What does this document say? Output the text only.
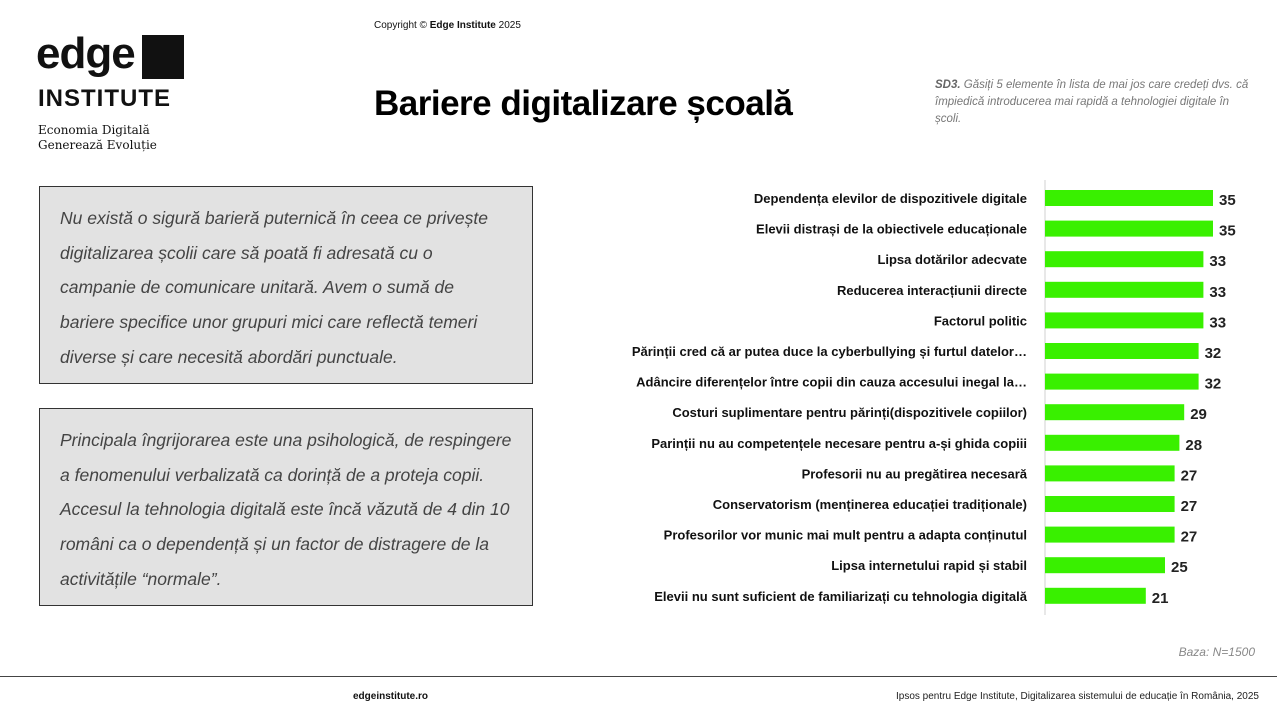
Copyright © Edge Institute 2025
edge
INSTITUTE
Economia Digitală
Generează Evoluție
Bariere digitalizare școală	SD3. Găsiți 5 elemente în lista de mai jos care credeți dvs. că împiedică introducerea mai rapidă a tehnologiei digitale în școli.
Nu există o sigură barieră puternică în ceea ce privește digitalizarea școlii care să poată fi adresată cu o campanie de comunicare unitară. Avem o sumă de bariere specifice unor grupuri mici care reflectă temeri diverse și care necesită abordări punctuale.
Principala îngrijorarea este una psihologică, de respingere a fenomenului verbalizată ca dorință de a proteja copii. Accesul la tehnologia digitală este încă văzută de 4 din 10 români ca o dependență și un factor de distragere de la activitățile “normale”.
Dependența elevilor de dispozitivele digitale	35
Elevii distrași de la obiectivele educaționale	35
Lipsa dotărilor adecvate	33
Reducerea interacțiunii directe	33
Factorul politic	33
Părinții cred că ar putea duce la cyberbullying și furtul datelor…	32
Adâncire diferențelor între copii din cauza accesului inegal la…	32
Costuri suplimentare pentru părinți(dispozitivele copiilor)	29
Parinții nu au competențele necesare pentru a-și ghida copiii	28
Profesorii nu au pregătirea necesară	27
Conservatorism (menținerea educației tradiționale)	27
Profesorilor vor munic mai mult pentru a adapta conținutul	27
Lipsa internetului rapid și stabil	25
Elevii nu sunt suficient de familiarizați cu tehnologia digitală	21
Baza: N=1500
edgeinstitute.ro	Ipsos pentru Edge Institute, Digitalizarea sistemului de educație în România, 2025
